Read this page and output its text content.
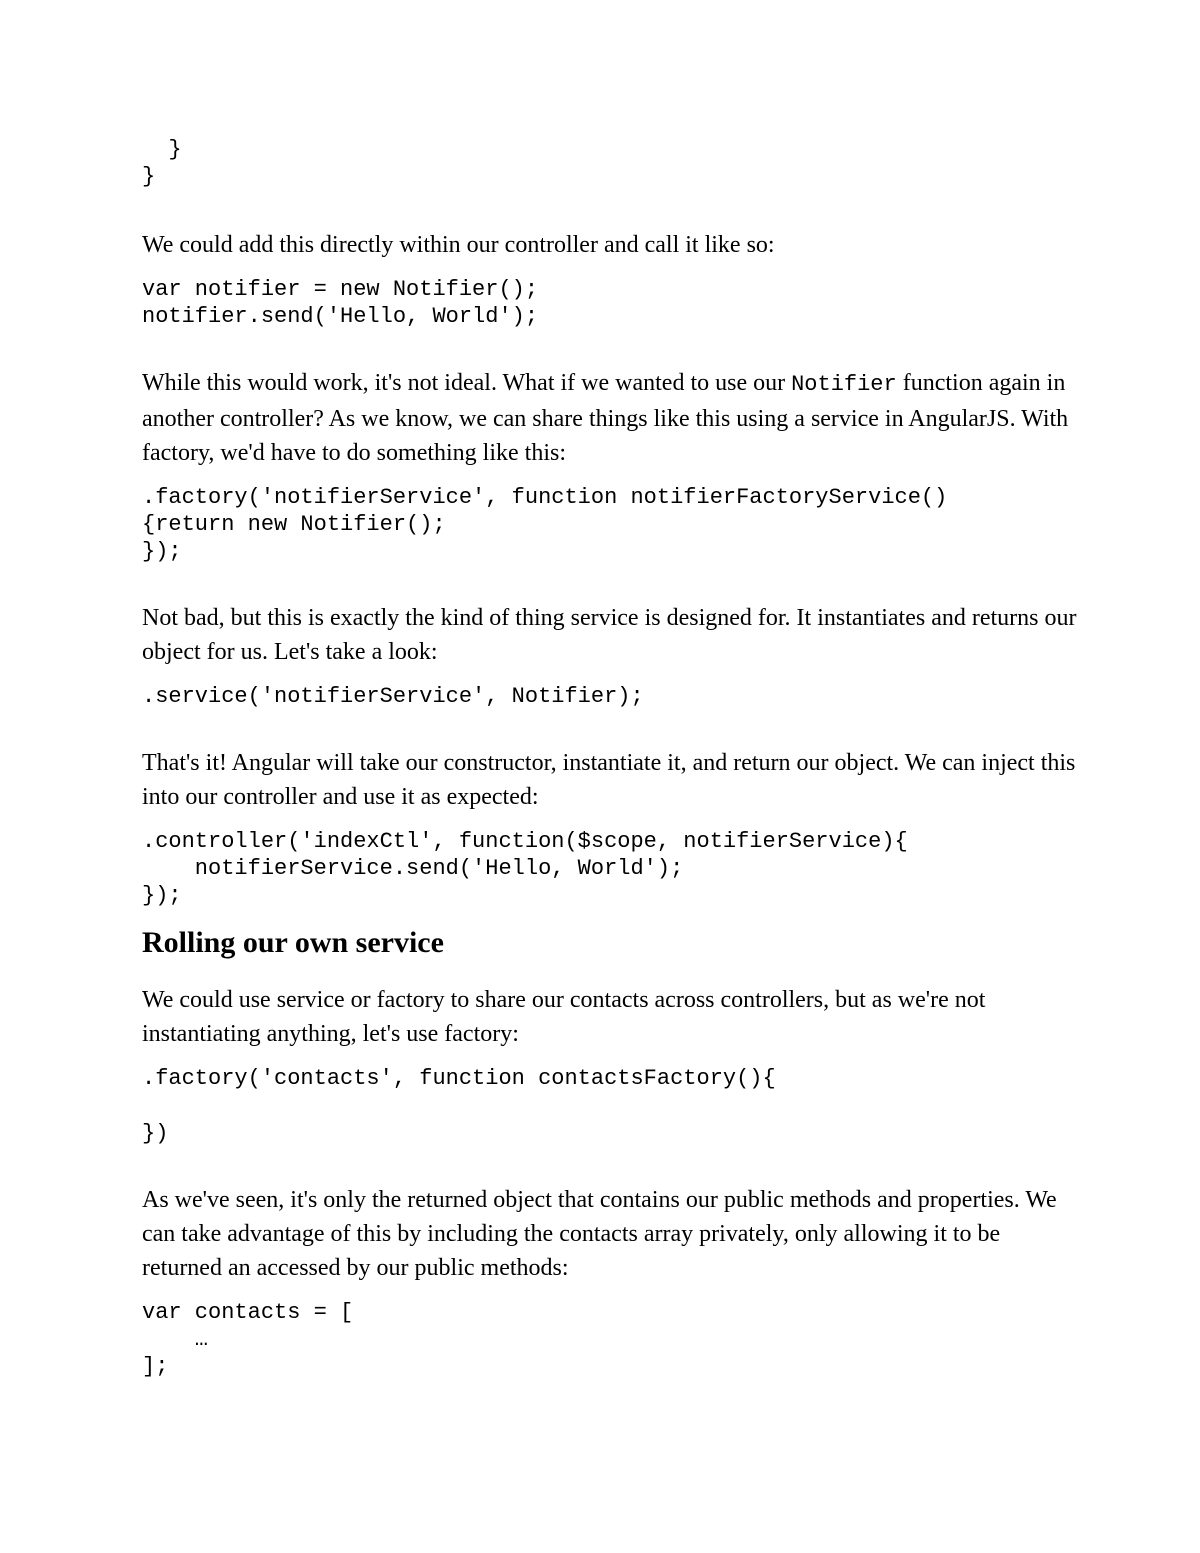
}
}

We could add this directly within our controller and call it like so:

var notifier = new Notifier();
notifier.send('Hello, World');

While this would work, it's not ideal. What if we wanted to use our Notifier function again in another controller? As we know, we can share things like this using a service in AngularJS. With factory, we'd have to do something like this:

.factory('notifierService', function notifierFactoryService()
{return new Notifier();
});

Not bad, but this is exactly the kind of thing service is designed for. It instantiates and returns our object for us. Let's take a look:

.service('notifierService', Notifier);

That's it! Angular will take our constructor, instantiate it, and return our object. We can inject this into our controller and use it as expected:

.controller('indexCtl', function($scope, notifierService){
notifierService.send('Hello, World');
});
Rolling our own service

We could use service or factory to share our contacts across controllers, but as we're not instantiating anything, let's use factory:

.factory('contacts', function contactsFactory(){
})

As we've seen, it's only the returned object that contains our public methods and properties. We can take advantage of this by including the contacts array privately, only allowing it to be returned an accessed by our public methods:

var contacts = [
…
];
